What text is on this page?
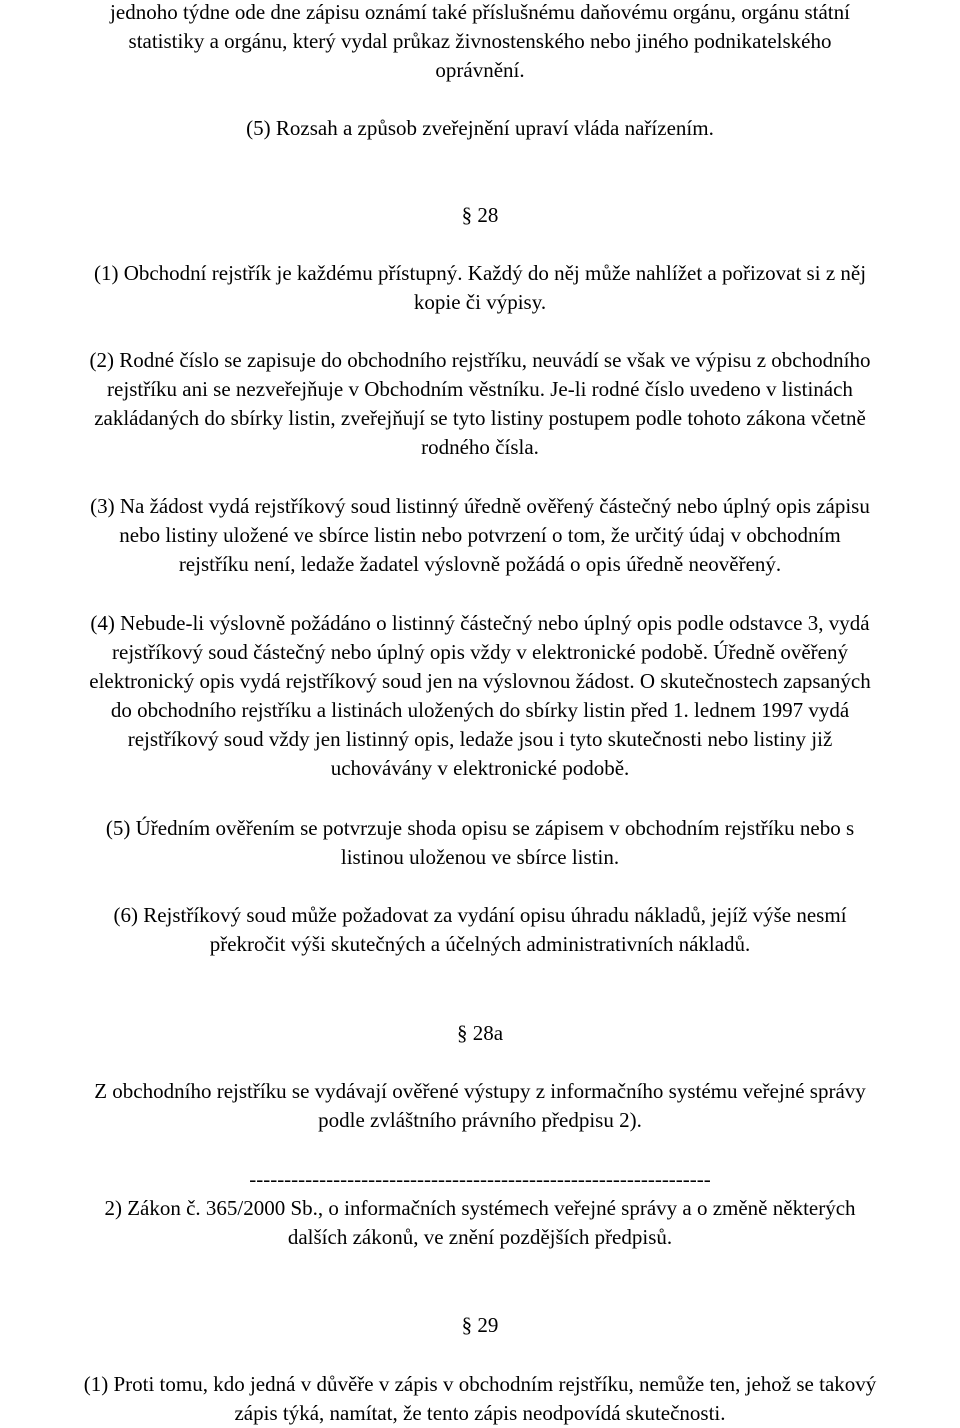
jednoho týdne ode dne zápisu oznámí také příslušnému daňovému orgánu, orgánu státní
statistiky a orgánu, který vydal průkaz živnostenského nebo jiného podnikatelského
oprávnění.
(5) Rozsah a způsob zveřejnění upraví vláda nařízením.
§ 28
(1) Obchodní rejstřík je každému přístupný. Každý do něj může nahlížet a pořizovat si z něj
kopie či výpisy.
(2) Rodné číslo se zapisuje do obchodního rejstříku, neuvádí se však ve výpisu z obchodního
rejstříku ani se nezveřejňuje v Obchodním věstníku. Je-li rodné číslo uvedeno v listinách
zakládaných do sbírky listin, zveřejňují se tyto listiny postupem podle tohoto zákona včetně
rodného čísla.
(3) Na žádost vydá rejstříkový soud listinný úředně ověřený částečný nebo úplný opis zápisu
nebo listiny uložené ve sbírce listin nebo potvrzení o tom, že určitý údaj v obchodním
rejstříku není, ledaže žadatel výslovně požádá o opis úředně neověřený.
(4) Nebude-li výslovně požádáno o listinný částečný nebo úplný opis podle odstavce 3, vydá
rejstříkový soud částečný nebo úplný opis vždy v elektronické podobě. Úředně ověřený
elektronický opis vydá rejstříkový soud jen na výslovnou žádost. O skutečnostech zapsaných
do obchodního rejstříku a listinách uložených do sbírky listin před 1. lednem 1997 vydá
rejstříkový soud vždy jen listinný opis, ledaže jsou i tyto skutečnosti nebo listiny již
uchovávány v elektronické podobě.
(5) Úředním ověřením se potvrzuje shoda opisu se zápisem v obchodním rejstříku nebo s
listinou uloženou ve sbírce listin.
(6) Rejstříkový soud může požadovat za vydání opisu úhradu nákladů, jejíž výše nesmí
překročit výši skutečných a účelných administrativních nákladů.
§ 28a
Z obchodního rejstříku se vydávají ověřené výstupy z informačního systému veřejné správy
podle zvláštního právního předpisu 2).
------------------------------------------------------------------
2) Zákon č. 365/2000 Sb., o informačních systémech veřejné správy a o změně některých
dalších zákonů, ve znění pozdějších předpisů.
§ 29
(1) Proti tomu, kdo jedná v důvěře v zápis v obchodním rejstříku, nemůže ten, jehož se takový
zápis týká, namítat, že tento zápis neodpovídá skutečnosti.
